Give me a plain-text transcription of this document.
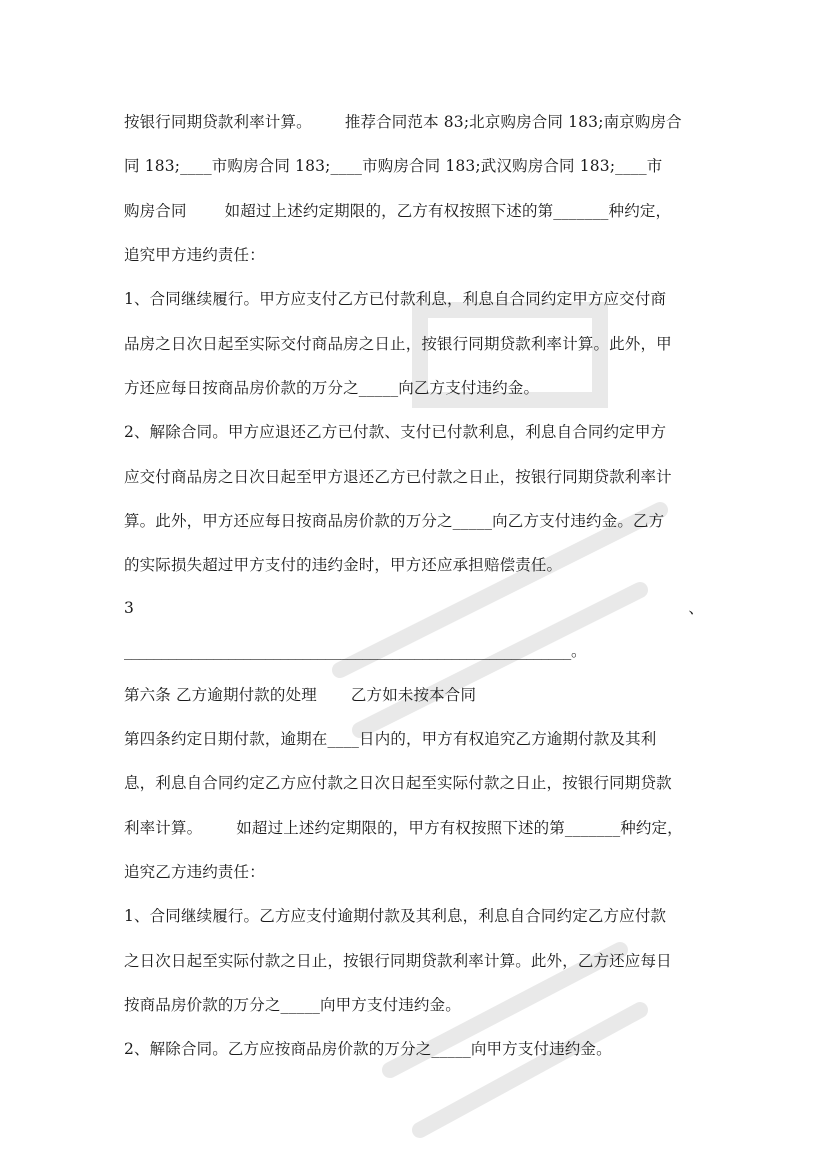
按银行同期贷款利率计算。 推荐合同范本 83;北京购房合同 183;南京购房合
同 183;____市购房合同 183;____市购房合同 183;武汉购房合同 183;____市
购房合同 如超过上述约定期限的，乙方有权按照下述的第_______种约定，
追究甲方违约责任：
1、合同继续履行。甲方应支付乙方已付款利息，利息自合同约定甲方应交付商
品房之日次日起至实际交付商品房之日止，按银行同期贷款利率计算。此外，甲
方还应每日按商品房价款的万分之_____向乙方支付违约金。
2、解除合同。甲方应退还乙方已付款、支付已付款利息，利息自合同约定甲方
应交付商品房之日次日起至甲方退还乙方已付款之日止，按银行同期贷款利率计
算。此外，甲方还应每日按商品房价款的万分之_____向乙方支付违约金。乙方
的实际损失超过甲方支付的违约金时，甲方还应承担赔偿责任。
3	、
____________________________________________________________。
第六条 乙方逾期付款的处理 乙方如未按本合同
第四条约定日期付款，逾期在____日内的，甲方有权追究乙方逾期付款及其利
息，利息自合同约定乙方应付款之日次日起至实际付款之日止，按银行同期贷款
利率计算。 如超过上述约定期限的，甲方有权按照下述的第_______种约定，
追究乙方违约责任：
1、合同继续履行。乙方应支付逾期付款及其利息，利息自合同约定乙方应付款
之日次日起至实际付款之日止，按银行同期贷款利率计算。此外，乙方还应每日
按商品房价款的万分之_____向甲方支付违约金。
2、解除合同。乙方应按商品房价款的万分之_____向甲方支付违约金。
